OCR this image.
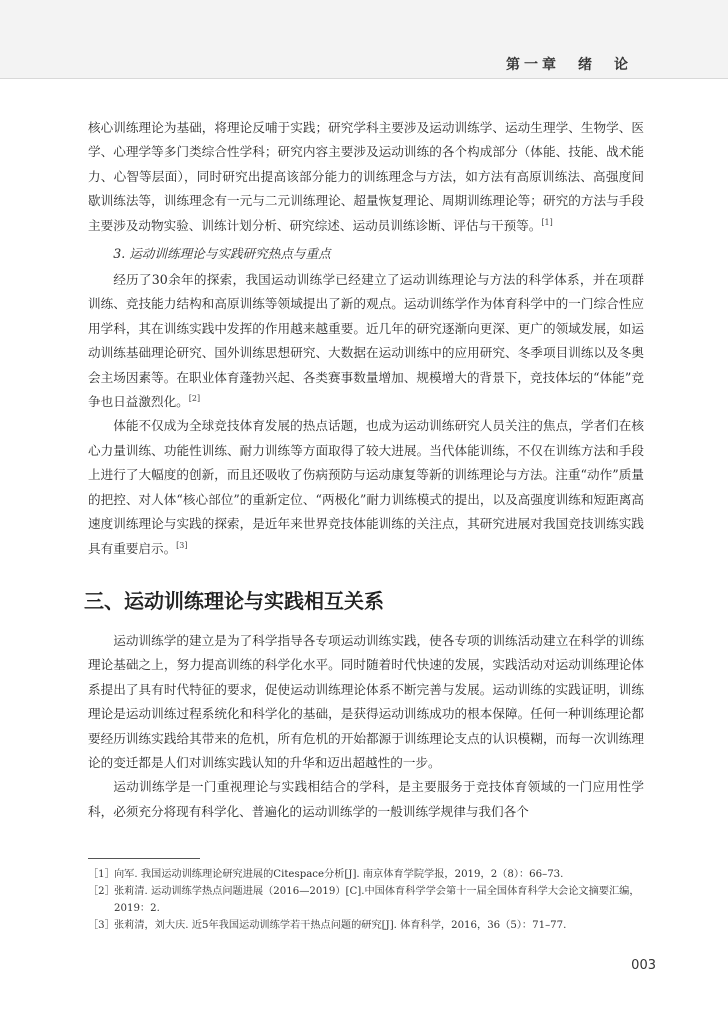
第一章　绪　论

核心训练理论为基础，将理论反哺于实践；研究学科主要涉及运动训练学、运动生理学、生物学、医学、心理学等多门类综合性学科；研究内容主要涉及运动训练的各个构成部分（体能、技能、战术能力、心智等层面），同时研究出提高该部分能力的训练理念与方法，如方法有高原训练法、高强度间歇训练法等，训练理念有一元与二元训练理论、超量恢复理论、周期训练理论等；研究的方法与手段主要涉及动物实验、训练计划分析、研究综述、运动员训练诊断、评估与干预等。[1]

3. 运动训练理论与实践研究热点与重点

经历了30余年的探索，我国运动训练学已经建立了运动训练理论与方法的科学体系，并在项群训练、竞技能力结构和高原训练等领域提出了新的观点。运动训练学作为体育科学中的一门综合性应用学科，其在训练实践中发挥的作用越来越重要。近几年的研究逐渐向更深、更广的领域发展，如运动训练基础理论研究、国外训练思想研究、大数据在运动训练中的应用研究、冬季项目训练以及冬奥会主场因素等。在职业体育蓬勃兴起、各类赛事数量增加、规模增大的背景下，竞技体坛的“体能”竞争也日益激烈化。[2]

体能不仅成为全球竞技体育发展的热点话题，也成为运动训练研究人员关注的焦点，学者们在核心力量训练、功能性训练、耐力训练等方面取得了较大进展。当代体能训练，不仅在训练方法和手段上进行了大幅度的创新，而且还吸收了伤病预防与运动康复等新的训练理论与方法。注重“动作”质量的把控、对人体“核心部位”的重新定位、“两极化”耐力训练模式的提出，以及高强度训练和短距离高速度训练理论与实践的探索，是近年来世界竞技体能训练的关注点，其研究进展对我国竞技训练实践具有重要启示。[3]

三、运动训练理论与实践相互关系

运动训练学的建立是为了科学指导各专项运动训练实践，使各专项的训练活动建立在科学的训练理论基础之上，努力提高训练的科学化水平。同时随着时代快速的发展，实践活动对运动训练理论体系提出了具有时代特征的要求，促使运动训练理论体系不断完善与发展。运动训练的实践证明，训练理论是运动训练过程系统化和科学化的基础，是获得运动训练成功的根本保障。任何一种训练理论都要经历训练实践给其带来的危机，所有危机的开始都源于训练理论支点的认识模糊，而每一次训练理论的变迁都是人们对训练实践认知的升华和迈出超越性的一步。

运动训练学是一门重视理论与实践相结合的学科，是主要服务于竞技体育领域的一门应用性学科，必须充分将现有科学化、普遍化的运动训练学的一般训练学规律与我们各个

［1］ 向军. 我国运动训练理论研究进展的Citespace分析[J]. 南京体育学院学报，2019，2（8）：66–73.
［2］ 张莉清. 运动训练学热点问题进展（2016—2019）[C].中国体育科学学会第十一届全国体育科学大会论文摘要汇编，2019：2.
［3］ 张莉清，刘大庆. 近5年我国运动训练学若干热点问题的研究[J]. 体育科学，2016，36（5）：71–77.
003
